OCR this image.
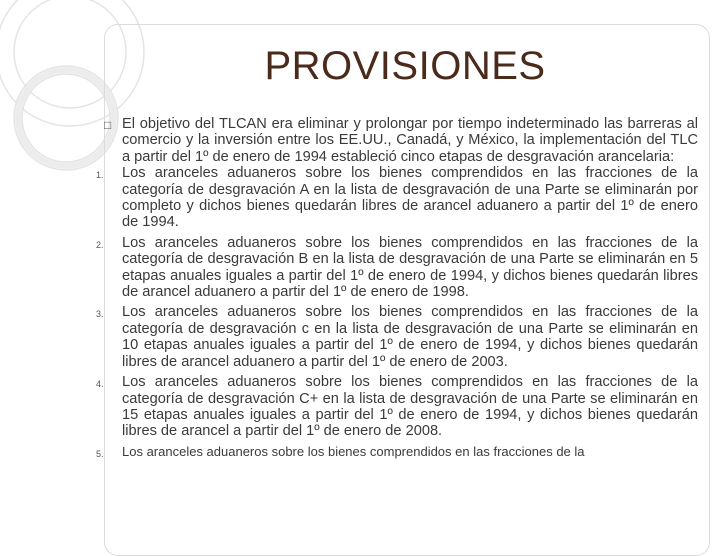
PROVISIONES
□ El objetivo del TLCAN era eliminar y prolongar por tiempo indeterminado las barreras al comercio y la inversión entre los EE.UU., Canadá, y México, la implementación del TLC a partir del 1º de enero de 1994 estableció cinco etapas de desgravación arancelaria:
1.	Los aranceles aduaneros sobre los bienes comprendidos en las fracciones de la categoría de desgravación A en la lista de desgravación de una Parte se eliminarán por completo y dichos bienes quedarán libres de arancel aduanero a partir del 1º de enero de 1994.
2.	Los aranceles aduaneros sobre los bienes comprendidos en las fracciones de la categoría de desgravación B en la lista de desgravación de una Parte se eliminarán en 5 etapas anuales iguales a partir del 1º de enero de 1994, y dichos bienes quedarán libres de arancel aduanero a partir del 1º de enero de 1998.
3.	Los aranceles aduaneros sobre los bienes comprendidos en las fracciones de la categoría de desgravación c en la lista de desgravación de una Parte se eliminarán en 10 etapas anuales iguales a partir del 1º de enero de 1994, y dichos bienes quedarán libres de arancel aduanero a partir del 1º de enero de 2003.
4.	Los aranceles aduaneros sobre los bienes comprendidos en las fracciones de la categoría de desgravación C+ en la lista de desgravación de una Parte se eliminarán en 15 etapas anuales iguales a partir del 1º de enero de 1994, y dichos bienes quedarán libres de arancel a partir del 1º de enero de 2008.
5.	Los aranceles aduaneros sobre los bienes comprendidos en las fracciones de la
